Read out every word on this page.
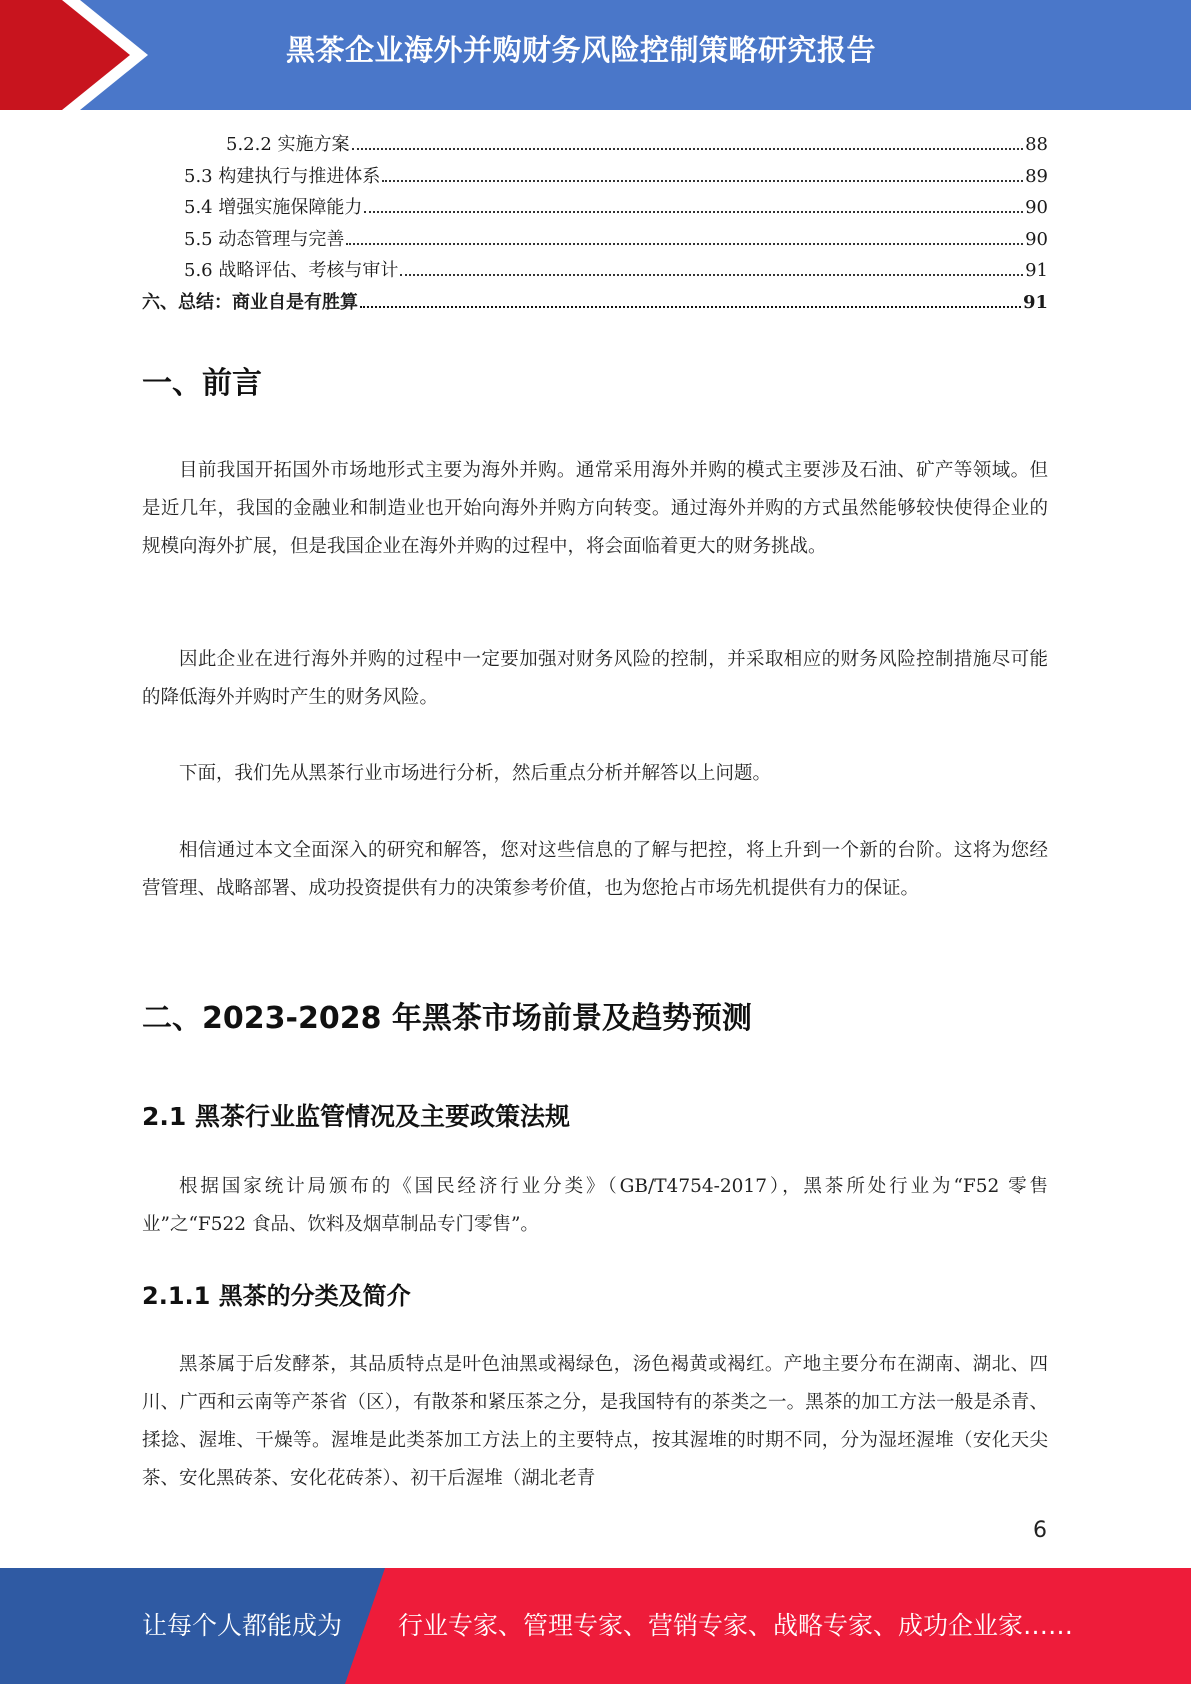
黑茶企业海外并购财务风险控制策略研究报告
5.2.2 实施方案	88
5.3 构建执行与推进体系	89
5.4 增强实施保障能力	90
5.5 动态管理与完善	90
5.6 战略评估、考核与审计	91
六、总结：商业自是有胜算	91
一、前言
目前我国开拓国外市场地形式主要为海外并购。通常采用海外并购的模式主要涉及石油、矿产等领域。但是近几年，我国的金融业和制造业也开始向海外并购方向转变。通过海外并购的方式虽然能够较快使得企业的规模向海外扩展，但是我国企业在海外并购的过程中，将会面临着更大的财务挑战。
因此企业在进行海外并购的过程中一定要加强对财务风险的控制，并采取相应的财务风险控制措施尽可能的降低海外并购时产生的财务风险。
下面，我们先从黑茶行业市场进行分析，然后重点分析并解答以上问题。
相信通过本文全面深入的研究和解答，您对这些信息的了解与把控，将上升到一个新的台阶。这将为您经营管理、战略部署、成功投资提供有力的决策参考价值，也为您抢占市场先机提供有力的保证。
二、2023-2028 年黑茶市场前景及趋势预测
2.1 黑茶行业监管情况及主要政策法规
根据国家统计局颁布的《国民经济行业分类》（GB/T4754-2017），黑茶所处行业为“F52 零售业”之“F522 食品、饮料及烟草制品专门零售”。
2.1.1 黑茶的分类及简介
黑茶属于后发酵茶，其品质特点是叶色油黑或褐绿色，汤色褐黄或褐红。产地主要分布在湖南、湖北、四川、广西和云南等产茶省（区），有散茶和紧压茶之分，是我国特有的茶类之一。黑茶的加工方法一般是杀青、揉捻、渥堆、干燥等。渥堆是此类茶加工方法上的主要特点，按其渥堆的时期不同，分为湿坯渥堆（安化天尖茶、安化黑砖茶、安化花砖茶）、初干后渥堆（湖北老青
6
让每个人都能成为 行业专家、管理专家、营销专家、战略专家、成功企业家……
